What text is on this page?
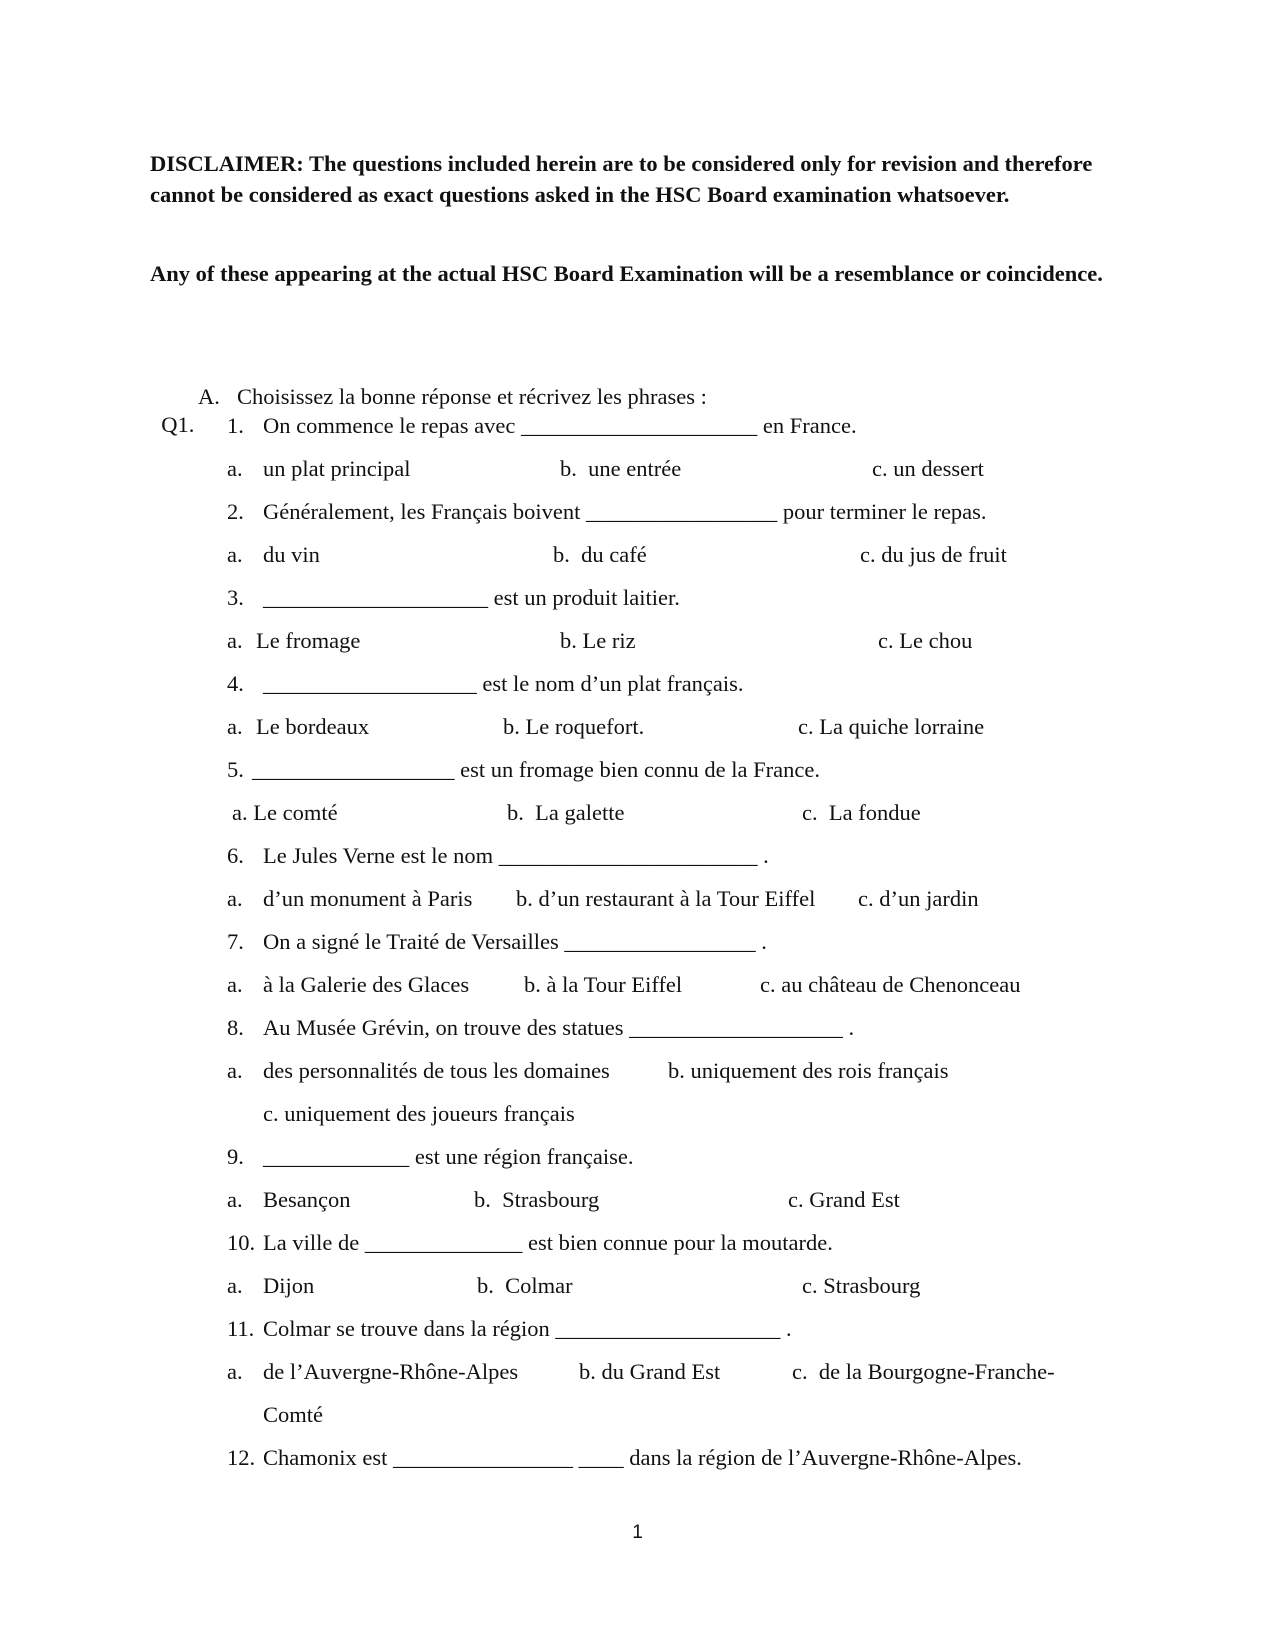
DISCLAIMER: The questions included herein are to be considered only for revision and therefore cannot be considered as exact questions asked in the HSC Board examination whatsoever.

Any of these appearing at the actual HSC Board Examination will be a resemblance or coincidence.

Q1.

A. Choisissez la bonne réponse et récrivez les phrases :
1. On commence le repas avec _____________________ en France.
a. un plat principal	b.  une entrée	c. un dessert
2. Généralement, les Français boivent _________________ pour terminer le repas.
a. du vin	b.  du café	c. du jus de fruit
3. ____________________ est un produit laitier.
a. Le fromage	b. Le riz	c. Le chou
4. ___________________ est le nom d’un plat français.
a. Le bordeaux	b. Le roquefort.	c. La quiche lorraine
5. __________________ est un fromage bien connu de la France.
a. Le comté	b.  La galette	c.  La fondue
6. Le Jules Verne est le nom _______________________ .
a. d’un monument à Paris b. d’un restaurant à la Tour Eiffel c. d’un jardin
7. On a signé le Traité de Versailles _________________ .
a. à la Galerie des Glaces b. à la Tour Eiffel	c. au château de Chenonceau
8. Au Musée Grévin, on trouve des statues ___________________ .
a. des personnalités de tous les domaines	b. uniquement des rois français
c. uniquement des joueurs français
9. _____________ est une région française.
a. Besançon	b.  Strasbourg	c. Grand Est
10. La ville de ______________ est bien connue pour la moutarde.
a. Dijon	b.  Colmar	c. Strasbourg
11. Colmar se trouve dans la région ____________________ .
a. de l’Auvergne-Rhône-Alpes	b. du Grand Est	c.  de la Bourgogne-Franche-
Comté
12. Chamonix est ________________ ____ dans la région de l’Auvergne-Rhône-Alpes.
1
